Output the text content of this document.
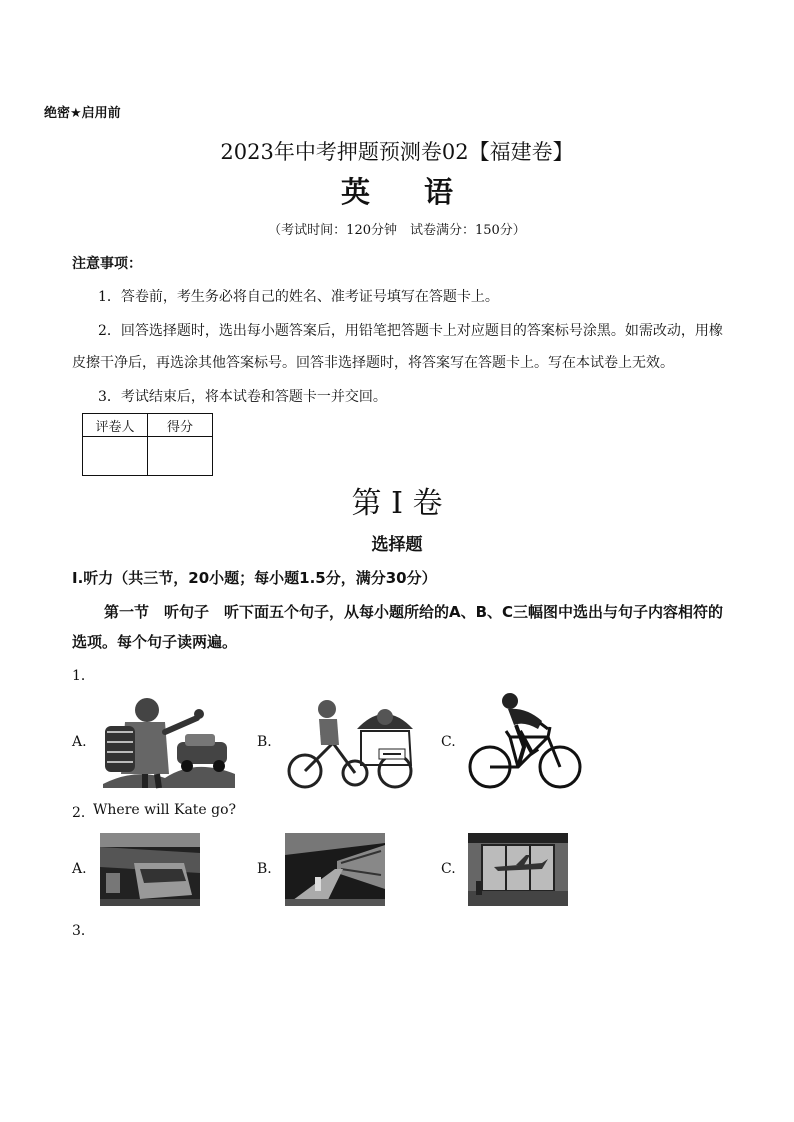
绝密★启用前
2023年中考押题预测卷02【福建卷】
英 语
（考试时间：120分钟　试卷满分：150分）
注意事项：
1．答卷前，考生务必将自己的姓名、准考证号填写在答题卡上。
2．回答选择题时，选出每小题答案后，用铅笔把答题卡上对应题目的答案标号涂黑。如需改动，用橡
皮擦干净后，再选涂其他答案标号。回答非选择题时，将答案写在答题卡上。写在本试卷上无效。
3．考试结束后，将本试卷和答题卡一并交回。
评卷人	得分

第 I 卷
选择题
Ⅰ.听力（共三节，20小题；每小题1.5分，满分30分）
第一节　听句子　听下面五个句子，从每小题所给的A、B、C三幅图中选出与句子内容相符的选项。每个句子读两遍。
1．
A.	B.	C.
2．
Where will Kate go?
A.	B.	C.
3．
